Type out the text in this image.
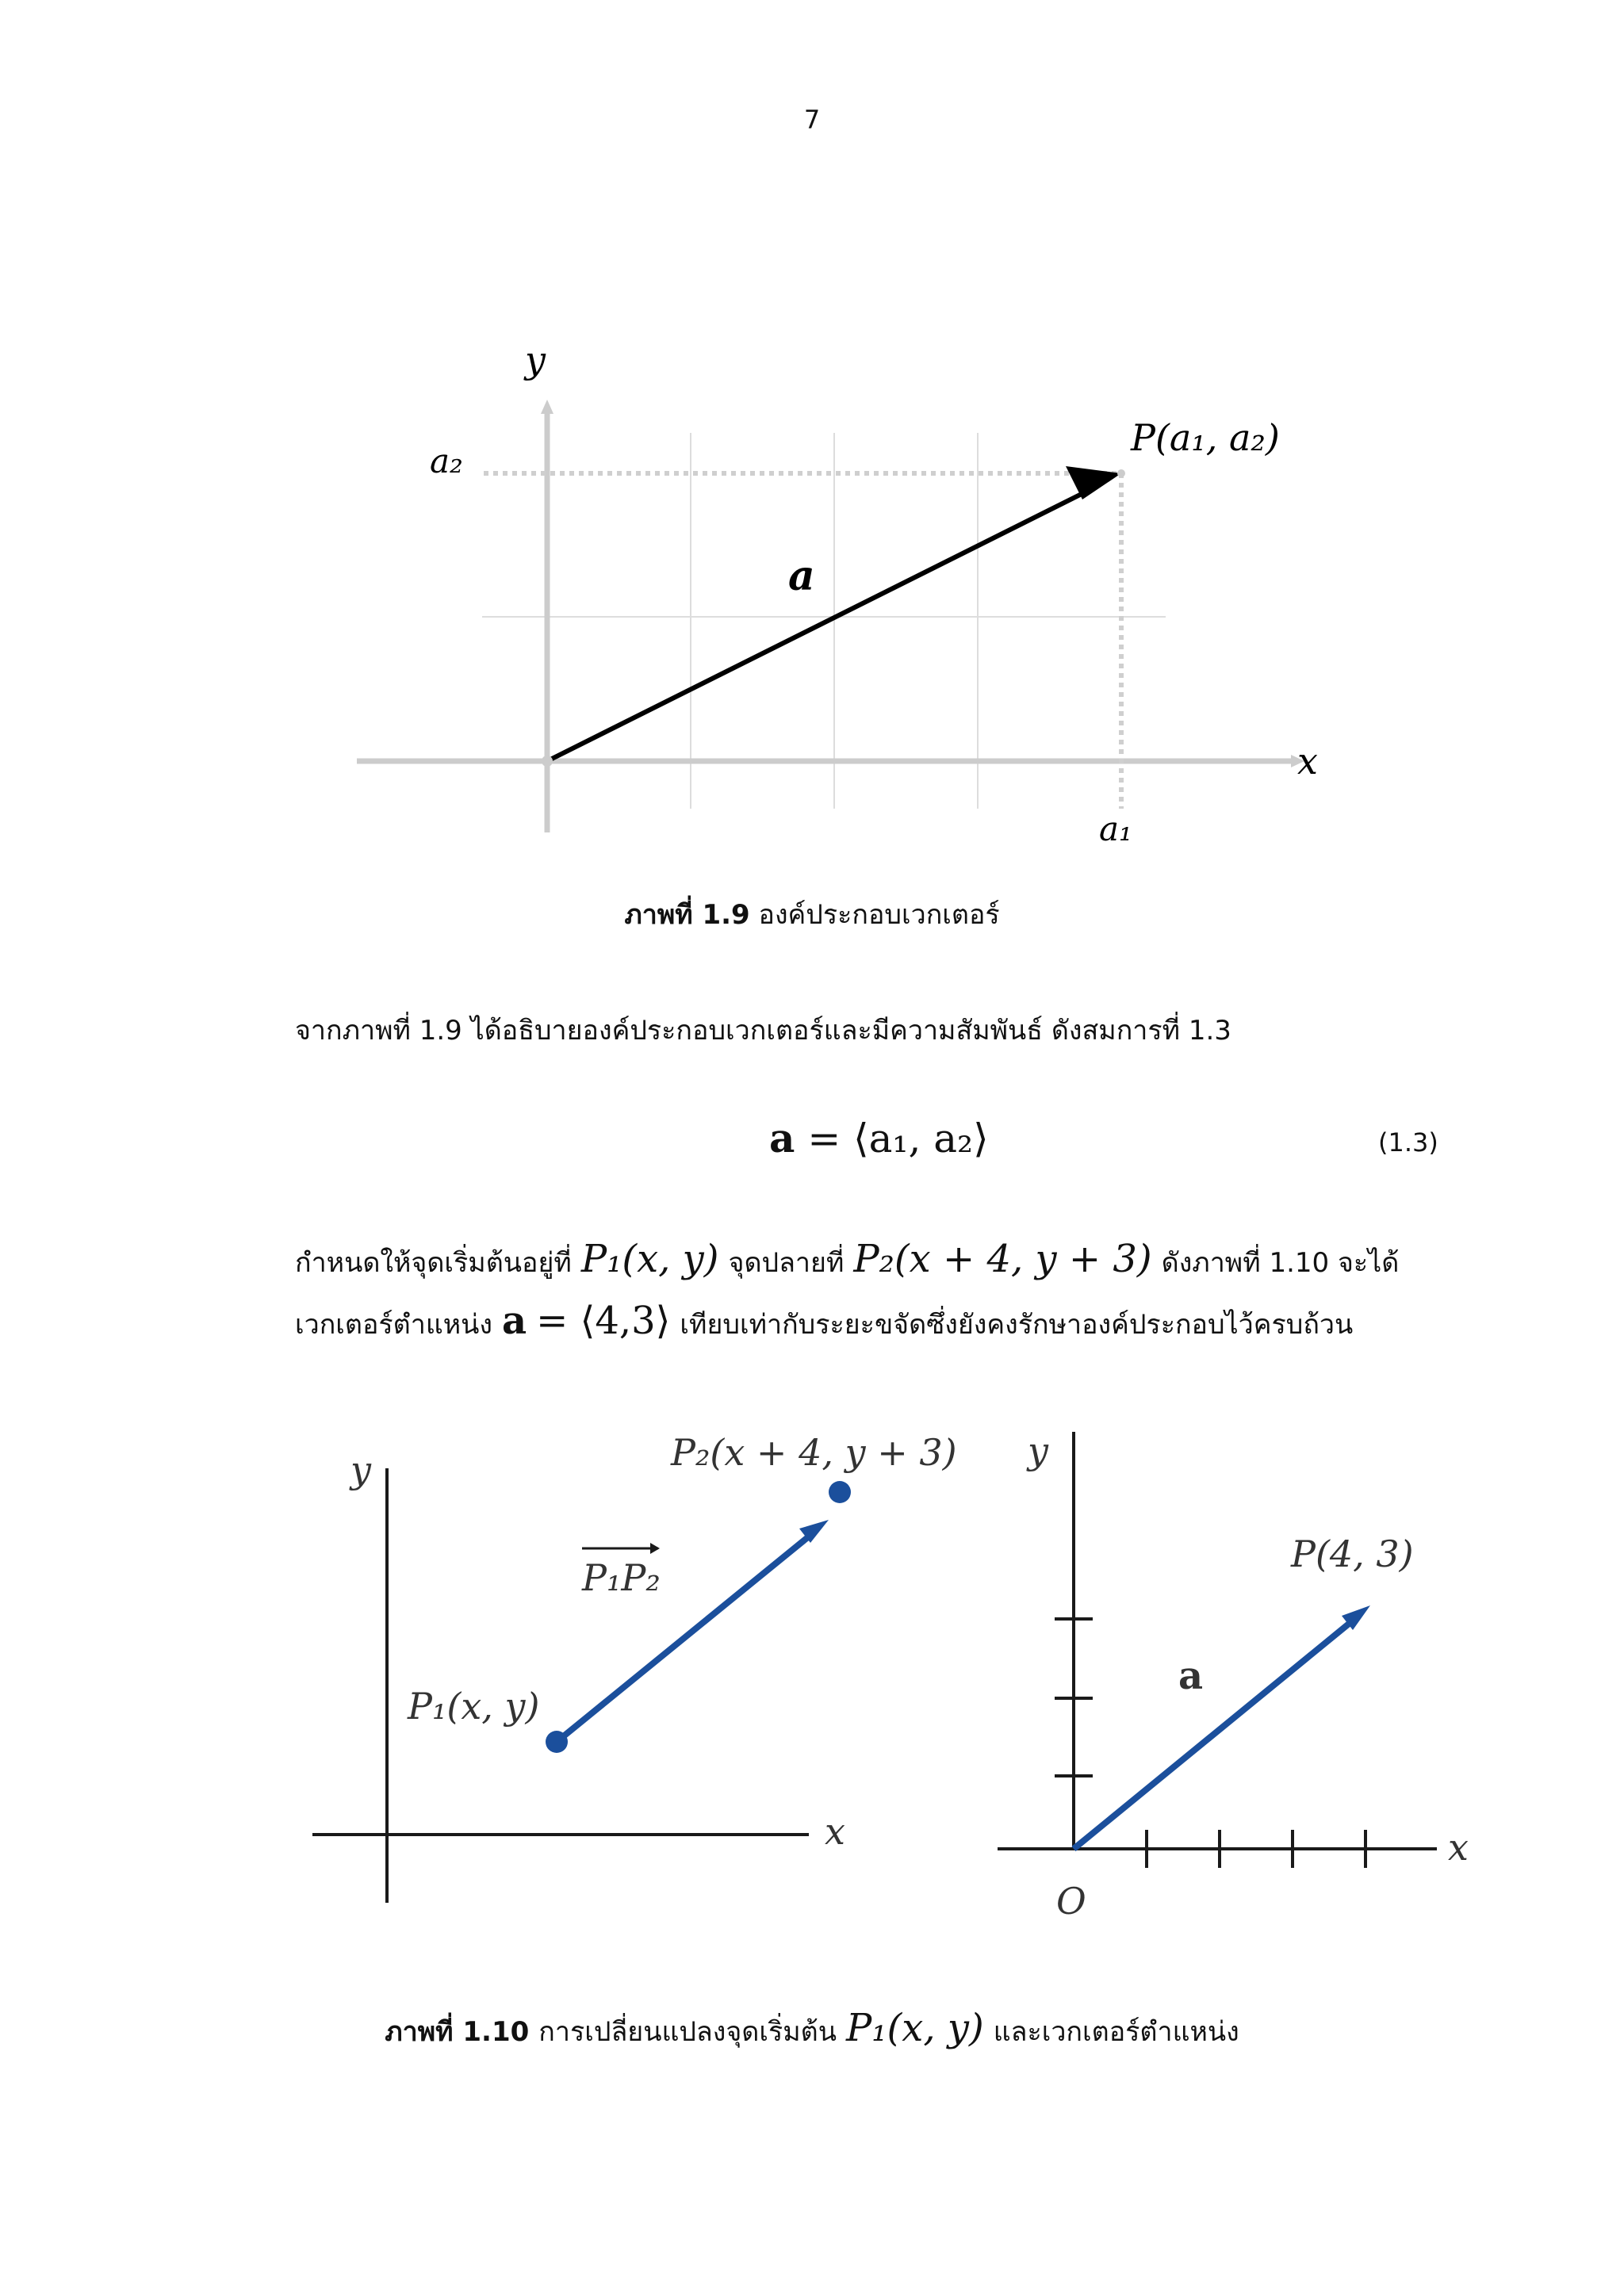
7
y
x
a₂
a₁
P(a₁, a₂)
a
ภาพที่ 1.9 องค์ประกอบเวกเตอร์
จากภาพที่ 1.9 ได้อธิบายองค์ประกอบเวกเตอร์และมีความสัมพันธ์ ดังสมการที่ 1.3
a = ⟨a₁, a₂⟩	(1.3)
กำหนดให้จุดเริ่มต้นอยู่ที่ P₁(x, y) จุดปลายที่ P₂(x + 4, y + 3) ดังภาพที่ 1.10 จะได้
เวกเตอร์ตำแหน่ง a = ⟨4,3⟩ เทียบเท่ากับระยะขจัดซึ่งยังคงรักษาองค์ประกอบไว้ครบถ้วน
y
x
P₂(x + 4, y + 3)
P₁P₂
P₁(x, y)
y
x
O
P(4, 3)
a
ภาพที่ 1.10 การเปลี่ยนแปลงจุดเริ่มต้น P₁(x, y) และเวกเตอร์ตำแหน่ง
